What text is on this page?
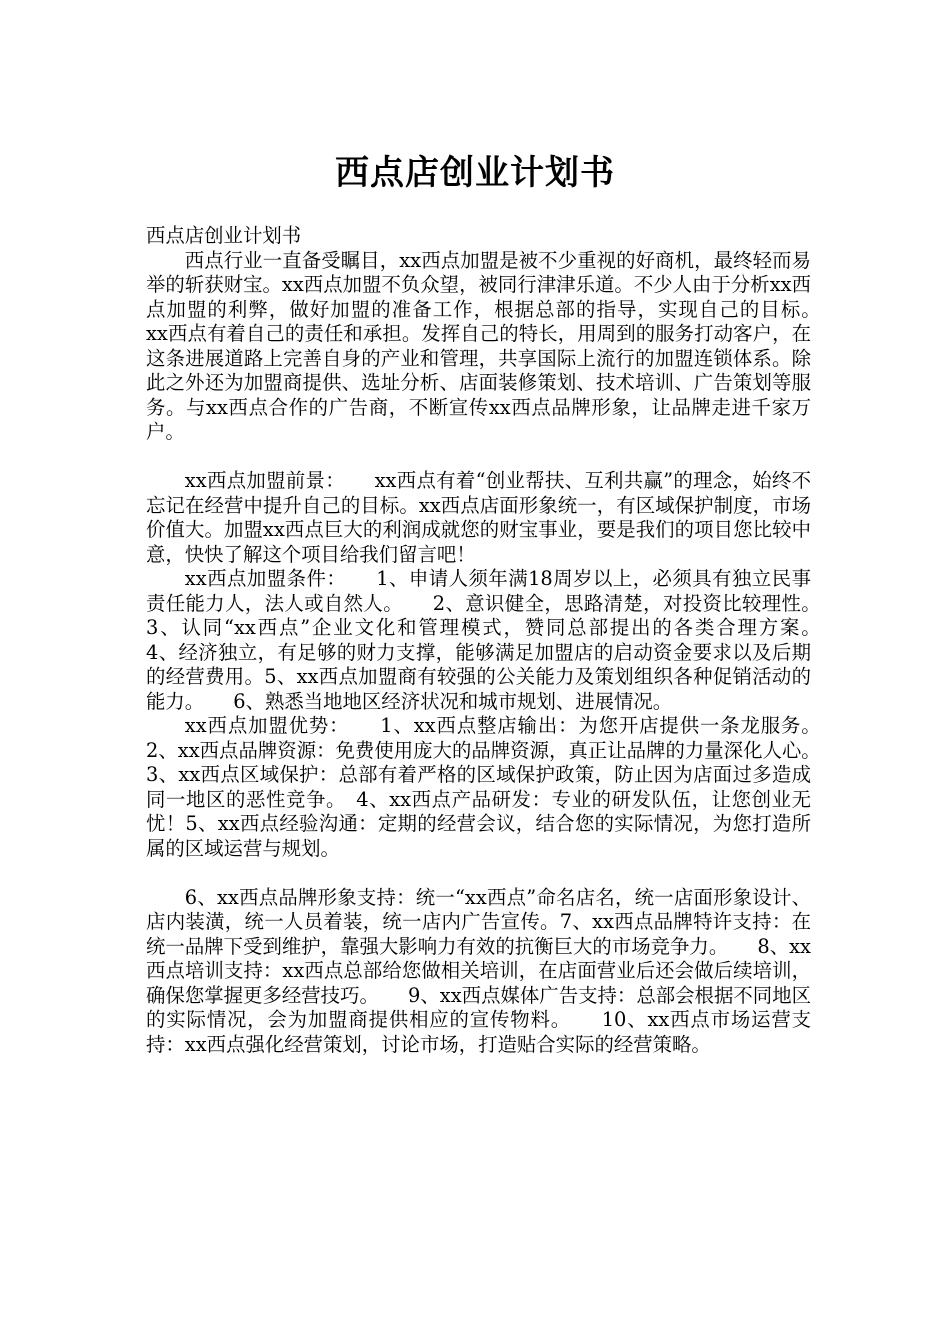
西点店创业计划书

西点店创业计划书

西点行业一直备受瞩目，xx西点加盟是被不少重视的好商机，最终轻而易举的斩获财宝。xx西点加盟不负众望，被同行津津乐道。不少人由于分析xx西点加盟的利弊，做好加盟的准备工作，根据总部的指导，实现自己的目标。　　xx西点有着自己的责任和承担。发挥自己的特长，用周到的服务打动客户，在这条进展道路上完善自身的产业和管理，共享国际上流行的加盟连锁体系。除此之外还为加盟商提供、选址分析、店面装修策划、技术培训、广告策划等服务。与xx西点合作的广告商，不断宣传xx西点品牌形象，让品牌走进千家万户。

xx西点加盟前景：　　xx西点有着“创业帮扶、互利共赢”的理念，始终不忘记在经营中提升自己的目标。xx西点店面形象统一，有区域保护制度，市场价值大。加盟xx西点巨大的利润成就您的财宝事业，要是我们的项目您比较中意，快快了解这个项目给我们留言吧！

xx西点加盟条件：　　1、申请人须年满18周岁以上，必须具有独立民事责任能力人，法人或自然人。　　2、意识健全，思路清楚，对投资比较理性。　　3、认同“xx西点”企业文化和管理模式，赞同总部提出的各类合理方案。　　4、经济独立，有足够的财力支撑，能够满足加盟店的启动资金要求以及后期的经营费用。5、xx西点加盟商有较强的公关能力及策划组织各种促销活动的能力。　　6、熟悉当地地区经济状况和城市规划、进展情况。

xx西点加盟优势：　　1、xx西点整店输出：为您开店提供一条龙服务。　　2、xx西点品牌资源：免费使用庞大的品牌资源，真正让品牌的力量深化人心。　　3、xx西点区域保护：总部有着严格的区域保护政策，防止因为店面过多造成同一地区的恶性竞争。　4、xx西点产品研发：专业的研发队伍，让您创业无忧！5、xx西点经验沟通：定期的经营会议，结合您的实际情况，为您打造所属的区域运营与规划。

6、xx西点品牌形象支持：统一“xx西点”命名店名，统一店面形象设计、店内装潢，统一人员着装，统一店内广告宣传。7、xx西点品牌特许支持：在统一品牌下受到维护，靠强大影响力有效的抗衡巨大的市场竞争力。　　8、xx西点培训支持：xx西点总部给您做相关培训，在店面营业后还会做后续培训，确保您掌握更多经营技巧。　　9、xx西点媒体广告支持：总部会根据不同地区的实际情况，会为加盟商提供相应的宣传物料。　　10、xx西点市场运营支持：xx西点强化经营策划，讨论市场，打造贴合实际的经营策略。
